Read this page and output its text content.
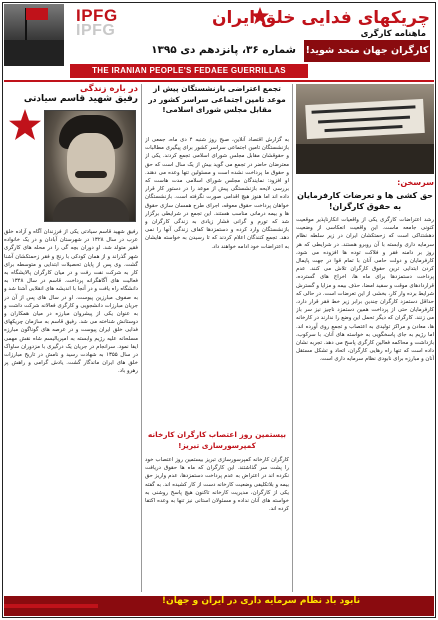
IPFG
IPFG
چریکهای فدایی خلق ایران
ماهنامه کارگری
شماره ۳۶، پانزدهم دی ۱۳۹۵ کارگران جهان متحد شوید!
THE IRANIAN PEOPLE'S FEDAEE GUERRILLAS
در باره زندگی
رفیق شهید قاسم سیادتی
رفیق شهید قاسم سیادتی یکی از فرزندان آگاه و آزاده خلق عرب در سال ۱۳۲۸ در شهرستان آبادان و در یک خانواده فقیر متولد شد. او دوران بچه گی را در محله های کارگری شهر گذراند و از همان کودکی با رنج و فقر زحمتکشان آشنا گشت. وی پس از پایان تحصیلات ابتدایی و متوسطه برای کار به شرکت نفت رفت و در میان کارگران پالایشگاه به فعالیت های آگاهگرانه پرداخت. قاسم در سال ۱۳۴۸ به دانشگاه راه یافت و در آنجا با اندیشه های انقلابی آشنا شد و به صفوف مبارزین پیوست. او در سال های پس از آن در جریان مبارزات دانشجویی و کارگری فعالانه شرکت داشت و به عنوان یکی از پیشروان مبارزه در میان همکاران و دوستانش شناخته می شد. رفیق قاسم به سازمان چریکهای فدایی خلق ایران پیوست و در عرصه های گوناگون مبارزه مسلحانه علیه رژیم وابسته به امپریالیسم شاه نقش مهمی ایفا نمود. سرانجام در جریان یک درگیری با مزدوران ساواک در سال ۱۳۵۵ به شهادت رسید و نامش در تاریخ مبارزات خلق های ایران ماندگار گشت. یادش گرامی و راهش پر رهرو باد.
تجمع اعتراضی بازنشستگان پیش از موعد تامین اجتماعی سراسر کشور در مقابل مجلس شورای اسلامی!
به گزارش اقتصاد آنلاین، صبح روز شنبه ۴ دی ماه، جمعی از بازنشستگان تامین اجتماعی سراسر کشور برای پیگیری مطالبات و حقوقشان مقابل مجلس شورای اسلامی تجمع کردند. یکی از معترضان حاضر در تجمع می گوید بیش از یک سال است که حق و حقوق ما پرداخت نشده است و مسئولین تنها وعده می دهند. او افزود: نمایندگان مجلس شورای اسلامی مدت هاست که بررسی لایحه بازنشستگی پیش از موعد را در دستور کار قرار داده اند اما هنوز هیچ اقدامی صورت نگرفته است. بازنشستگان خواهان پرداخت حقوق معوقه، اجرای طرح همسان سازی حقوق ها و بیمه درمانی مناسب هستند. این تجمع در شرایطی برگزار شد که تورم و گرانی فشار زیادی به زندگی کارگران و بازنشستگان وارد کرده و دستمزدها کفاف زندگی آنها را نمی دهد. تجمع کنندگان اعلام کردند که تا رسیدن به خواسته هایشان به اعتراضات خود ادامه خواهند داد.
بیستمین روز اعتصاب کارگران کارخانه کمپرسورسازی تبریز!
کارگران کارخانه کمپرسورسازی تبریز بیستمین روز اعتصاب خود را پشت سر گذاشتند. این کارگران که ماه ها حقوق دریافت نکرده اند در اعتراض به عدم پرداخت دستمزدها، عدم واریز حق بیمه و بلاتکلیفی وضعیت کارخانه دست از کار کشیده اند. به گفته یکی از کارگران، مدیریت کارخانه تاکنون هیچ پاسخ روشنی به خواسته های آنان نداده و مسئولان استانی نیز تنها به وعده اکتفا کرده اند.
سرسخن:
حق کشی ها و تعرضات کارفرمایان به حقوق کارگران!
رشد اعتراضات کارگری یکی از واقعیات انکارناپذیر موقعیت کنونی جامعه ماست. این واقعیت انعکاسی از وضعیت دهشتناکی است که زحمتکشان ایران در زیر سلطه نظام سرمایه داری وابسته با آن روبرو هستند. در شرایطی که هر روز بر دامنه فقر و فلاکت توده ها افزوده می شود، کارفرمایان و دولت حامی آنان با تمام قوا در جهت پایمال کردن ابتدایی ترین حقوق کارگران تلاش می کنند. عدم پرداخت دستمزدها برای ماه ها، اخراج های گسترده، قراردادهای موقت و سفید امضا، حذف بیمه و مزایا و گسترش شرایط برده وار کار، بخشی از این تعرضات است. در حالی که حداقل دستمزد کارگران چندین برابر زیر خط فقر قرار دارد، کارفرمایان حتی از پرداخت همین دستمزد ناچیز نیز سر باز می زنند. کارگران که دیگر تحمل این وضع را ندارند در کارخانه ها، معادن و مراکز تولیدی به اعتصاب و تجمع روی آورده اند. اما رژیم به جای پاسخگویی به خواسته های آنان، با سرکوب، بازداشت و محاکمه فعالین کارگری پاسخ می دهد. تجربه نشان داده است که تنها راه رهایی کارگران، اتحاد و تشکل مستقل آنان و مبارزه برای نابودی نظام سرمایه داری است.
نابود باد نظام سرمایه داری در ایران و جهان!
